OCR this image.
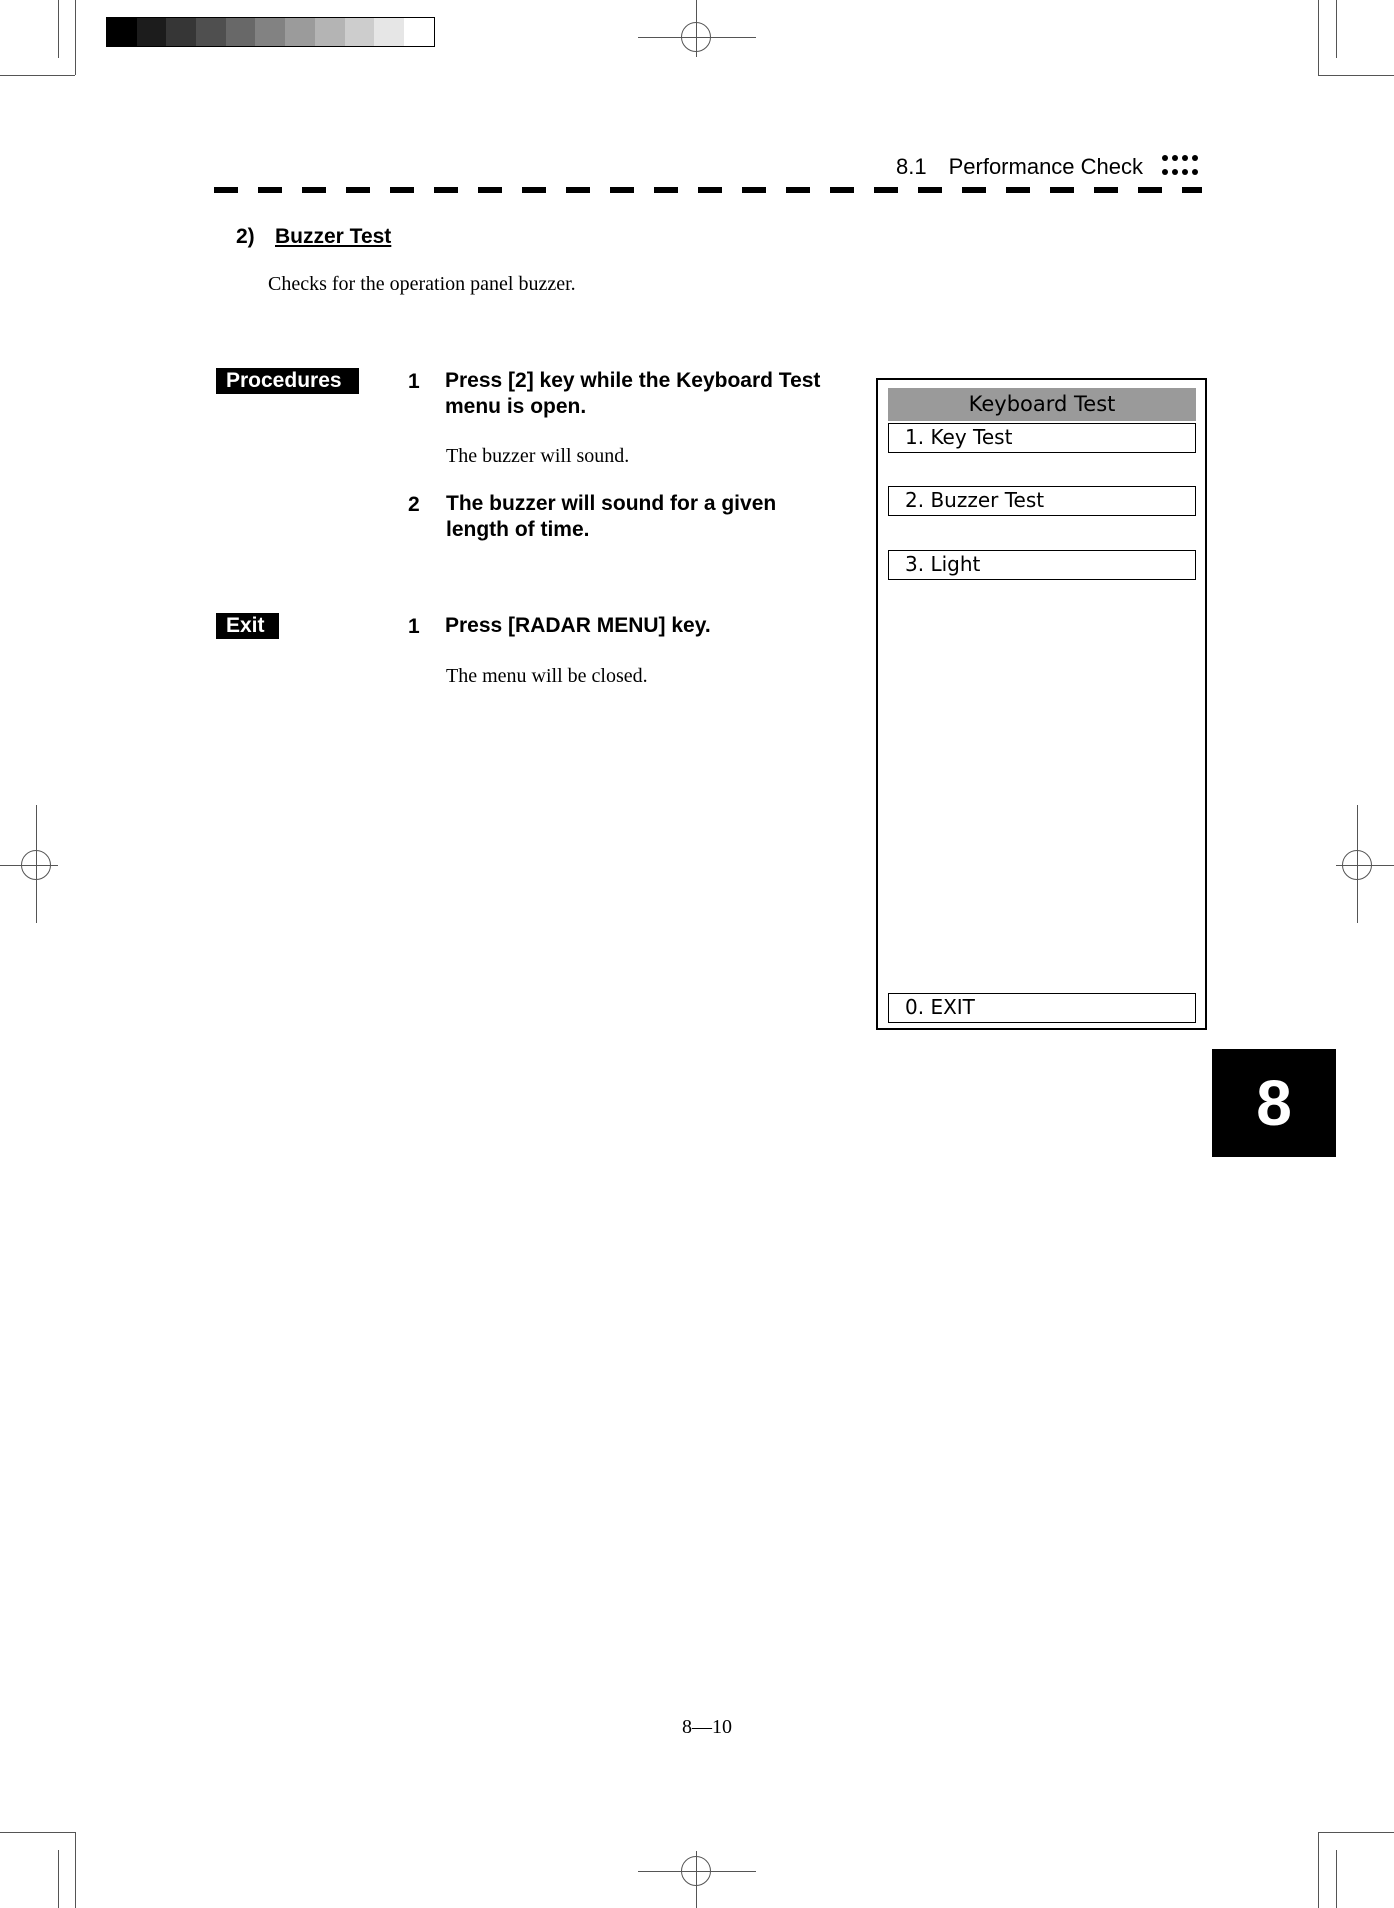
8.1 Performance Check
2) Buzzer Test
Checks for the operation panel buzzer.
Procedures	1 Press [2] key while the Keyboard Test menu is open.
The buzzer will sound.
2 The buzzer will sound for a given length of time.
Exit	1 Press [RADAR MENU] key.
The menu will be closed.
Keyboard Test
1. Key Test
2. Buzzer Test
3. Light
0. EXIT
8
8—10
